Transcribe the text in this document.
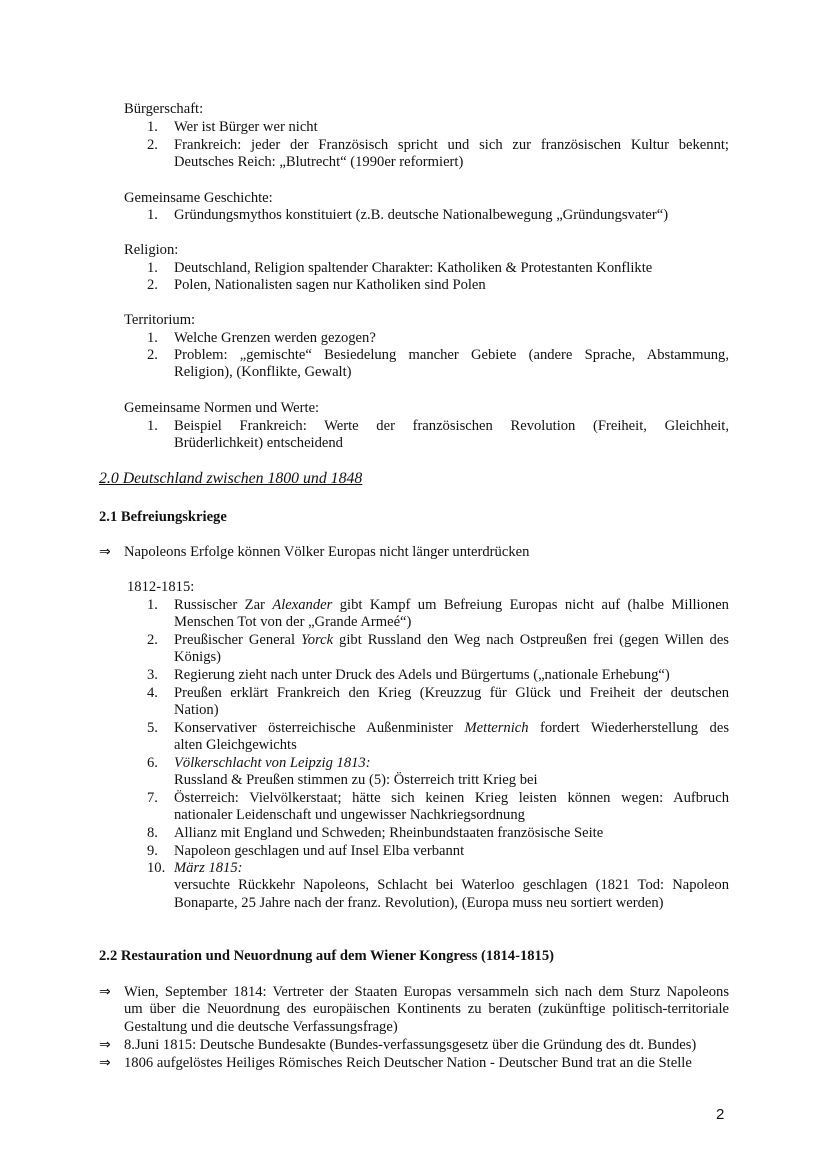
Bürgerschaft:
1.	Wer ist Bürger wer nicht
2.	Frankreich: jeder der Französisch spricht und sich zur französischen Kultur bekennt;
Deutsches Reich: „Blutrecht“ (1990er reformiert)
Gemeinsame Geschichte:
1.	Gründungsmythos konstituiert (z.B. deutsche Nationalbewegung „Gründungsvater“)
Religion:
1.	Deutschland, Religion spaltender Charakter: Katholiken & Protestanten Konflikte
2.	Polen, Nationalisten sagen nur Katholiken sind Polen
Territorium:
1.	Welche Grenzen werden gezogen?
2.	Problem: „gemischte“ Besiedelung mancher Gebiete (andere Sprache, Abstammung,
Religion), (Konflikte, Gewalt)
Gemeinsame Normen und Werte:
1.	Beispiel Frankreich: Werte der französischen Revolution (Freiheit, Gleichheit,
Brüderlichkeit) entscheidend
2.0 Deutschland zwischen 1800 und 1848
2.1 Befreiungskriege
⇒ Napoleons Erfolge können Völker Europas nicht länger unterdrücken
1812-1815:
1.	Russischer Zar Alexander gibt Kampf um Befreiung Europas nicht auf (halbe Millionen
Menschen Tot von der „Grande Armeé“)
2.	Preußischer General Yorck gibt Russland den Weg nach Ostpreußen frei (gegen Willen des
Königs)
3.	Regierung zieht nach unter Druck des Adels und Bürgertums („nationale Erhebung“)
4.	Preußen erklärt Frankreich den Krieg (Kreuzzug für Glück und Freiheit der deutschen
Nation)
5.	Konservativer österreichische Außenminister Metternich fordert Wiederherstellung des
alten Gleichgewichts
6.	Völkerschlacht von Leipzig 1813:
Russland & Preußen stimmen zu (5): Österreich tritt Krieg bei
7.	Österreich: Vielvölkerstaat; hätte sich keinen Krieg leisten können wegen: Aufbruch
nationaler Leidenschaft und ungewisser Nachkriegsordnung
8.	Allianz mit England und Schweden; Rheinbundstaaten französische Seite
9.	Napoleon geschlagen und auf Insel Elba verbannt
10. März 1815:
versuchte Rückkehr Napoleons, Schlacht bei Waterloo geschlagen (1821 Tod: Napoleon
Bonaparte, 25 Jahre nach der franz. Revolution), (Europa muss neu sortiert werden)
2.2 Restauration und Neuordnung auf dem Wiener Kongress (1814-1815)
⇒ Wien, September 1814: Vertreter der Staaten Europas versammeln sich nach dem Sturz Napoleons
um über die Neuordnung des europäischen Kontinents zu beraten (zukünftige politisch-territoriale
Gestaltung und die deutsche Verfassungsfrage)
⇒ 8.Juni 1815: Deutsche Bundesakte (Bundes-verfassungsgesetz über die Gründung des dt. Bundes)
⇒ 1806 aufgelöstes Heiliges Römisches Reich Deutscher Nation - Deutscher Bund trat an die Stelle
2
